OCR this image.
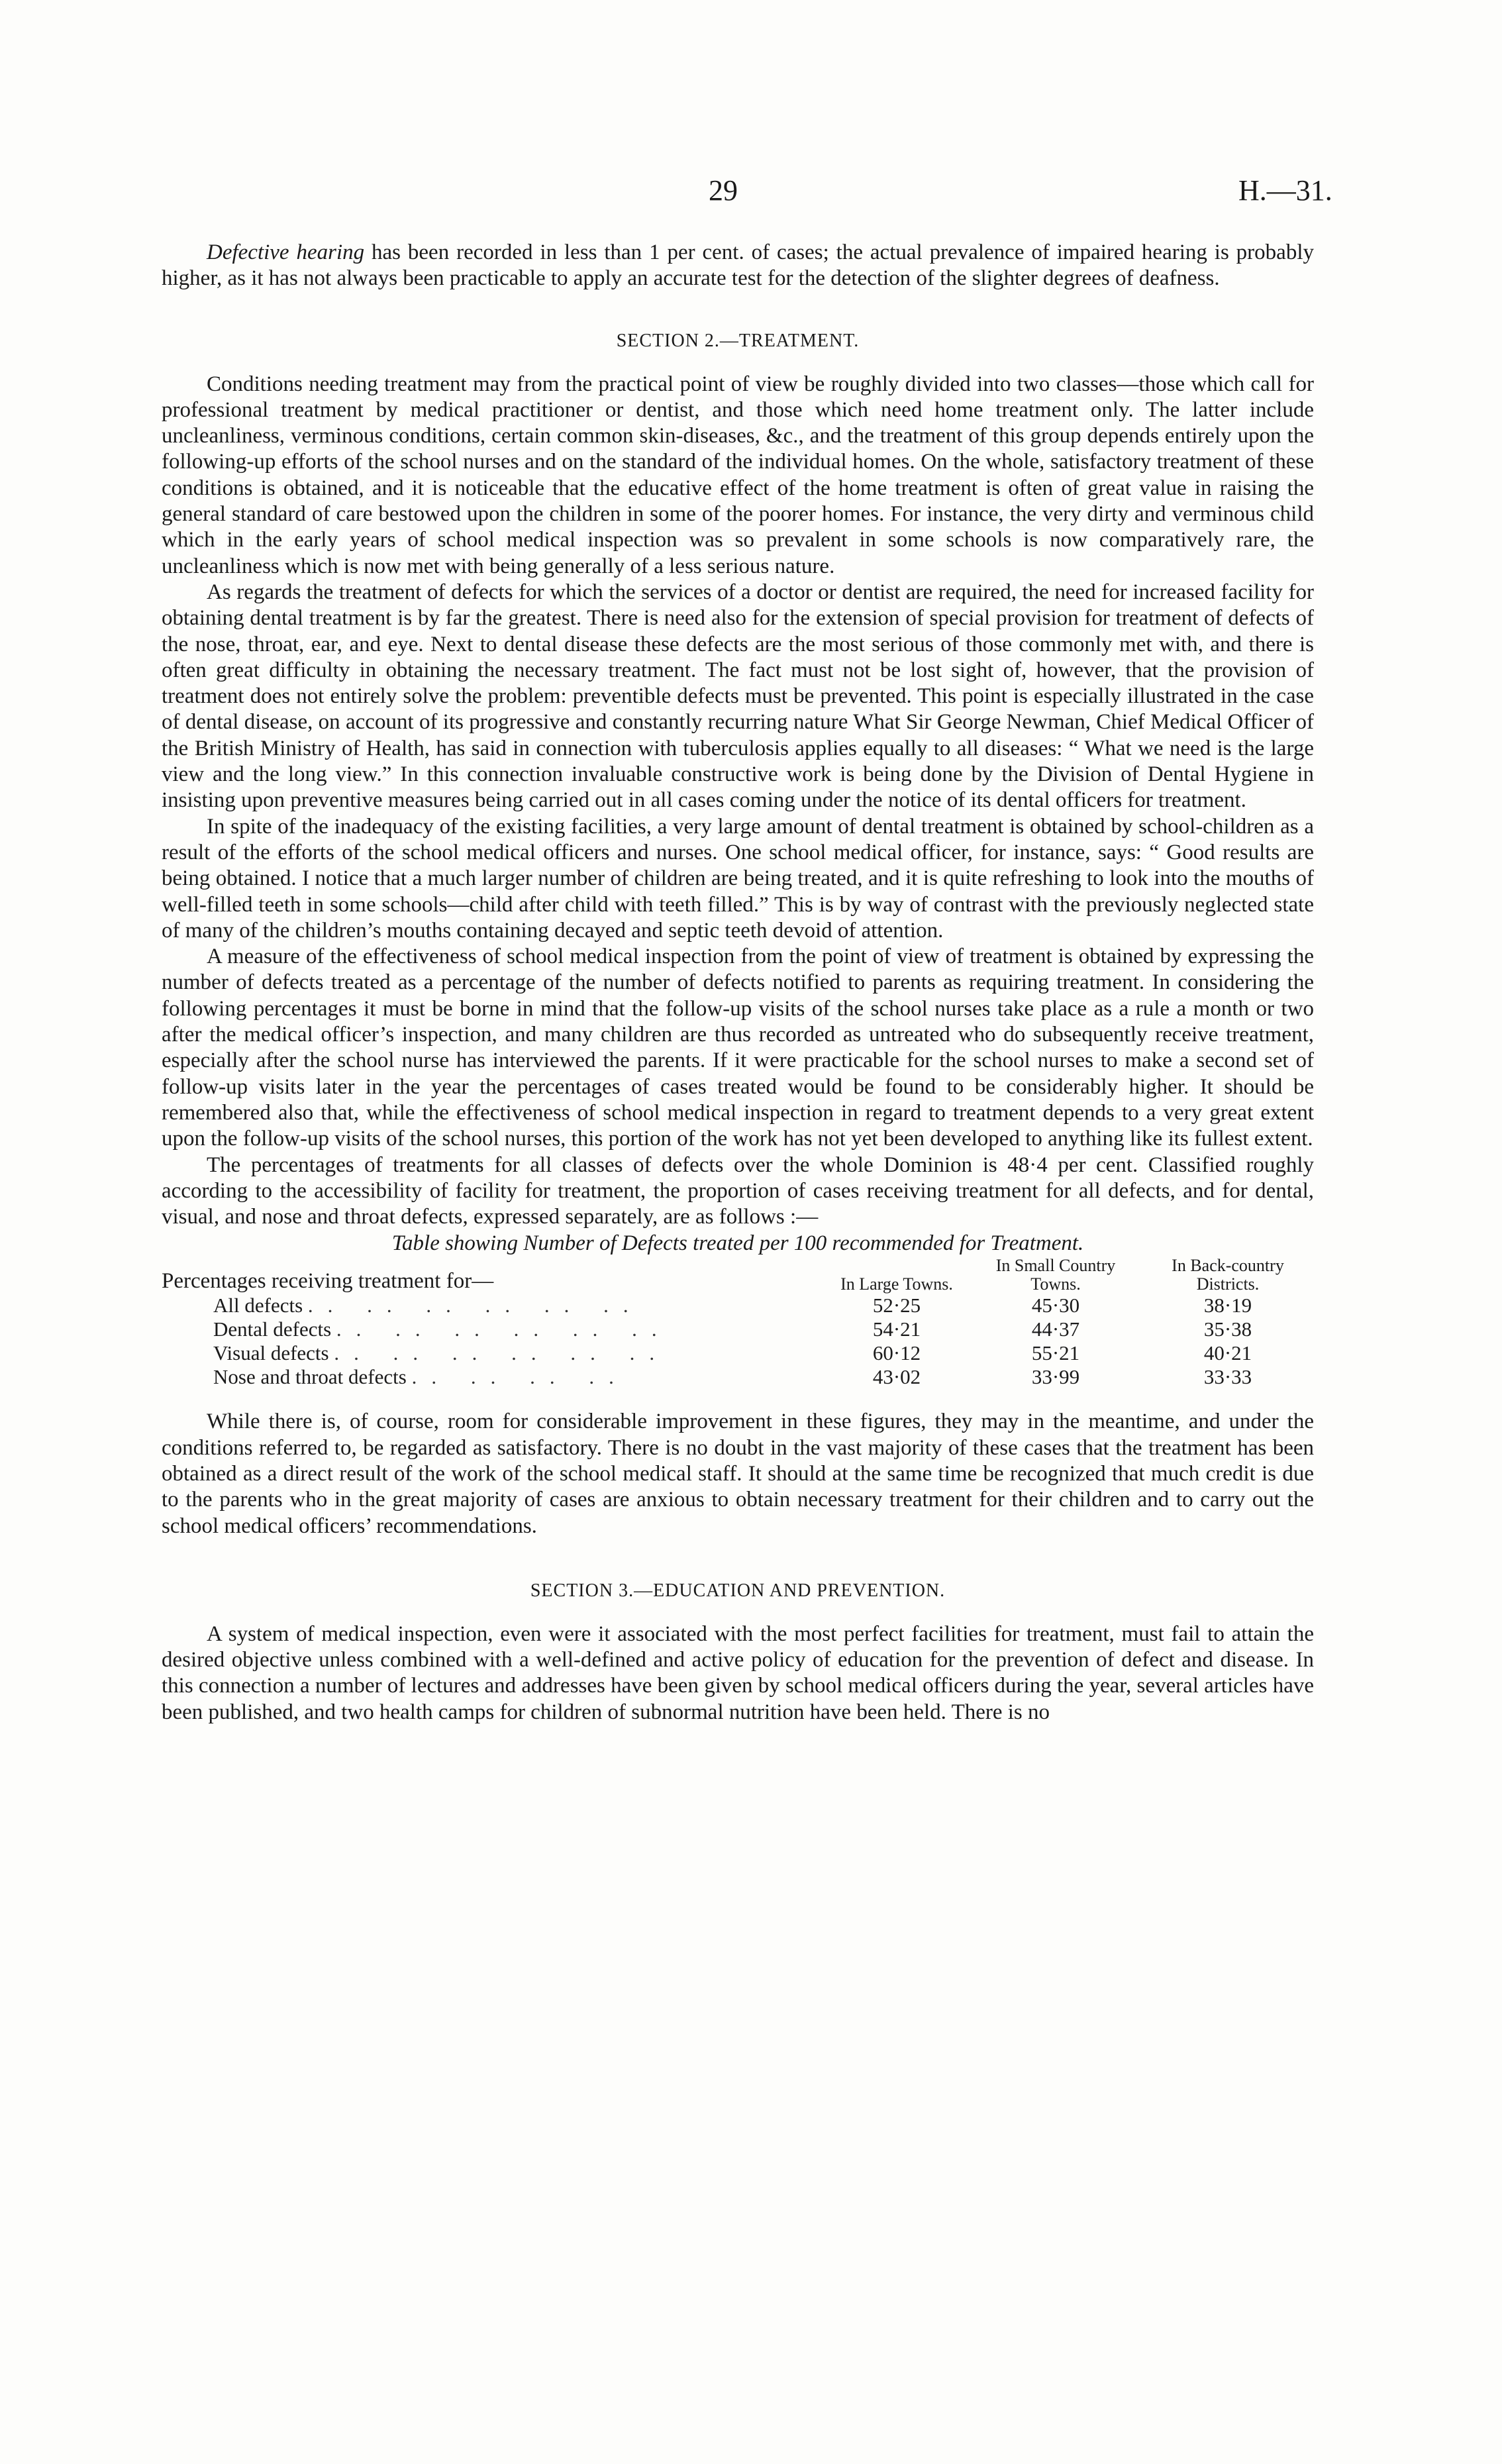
29	H.—31.

Defective hearing has been recorded in less than 1 per cent. of cases; the actual prevalence of impaired hearing is probably higher, as it has not always been practicable to apply an accurate test for the detection of the slighter degrees of deafness.

SECTION 2.—TREATMENT.

Conditions needing treatment may from the practical point of view be roughly divided into two classes—those which call for professional treatment by medical practitioner or dentist, and those which need home treatment only. The latter include uncleanliness, verminous conditions, certain common skin-diseases, &c., and the treatment of this group depends entirely upon the following-up efforts of the school nurses and on the standard of the individual homes. On the whole, satisfactory treatment of these conditions is obtained, and it is noticeable that the educative effect of the home treatment is often of great value in raising the general standard of care bestowed upon the children in some of the poorer homes. For instance, the very dirty and verminous child which in the early years of school medical inspection was so prevalent in some schools is now comparatively rare, the uncleanliness which is now met with being generally of a less serious nature.

As regards the treatment of defects for which the services of a doctor or dentist are required, the need for increased facility for obtaining dental treatment is by far the greatest. There is need also for the extension of special provision for treatment of defects of the nose, throat, ear, and eye. Next to dental disease these defects are the most serious of those commonly met with, and there is often great difficulty in obtaining the necessary treatment. The fact must not be lost sight of, however, that the provision of treatment does not entirely solve the problem: preventible defects must be prevented. This point is especially illustrated in the case of dental disease, on account of its progressive and constantly recurring nature What Sir George Newman, Chief Medical Officer of the British Ministry of Health, has said in connection with tuberculosis applies equally to all diseases: “ What we need is the large view and the long view.” In this connection invaluable constructive work is being done by the Division of Dental Hygiene in insisting upon preventive measures being carried out in all cases coming under the notice of its dental officers for treatment.

In spite of the inadequacy of the existing facilities, a very large amount of dental treatment is obtained by school-children as a result of the efforts of the school medical officers and nurses. One school medical officer, for instance, says: “ Good results are being obtained. I notice that a much larger number of children are being treated, and it is quite refreshing to look into the mouths of well-filled teeth in some schools—child after child with teeth filled.” This is by way of contrast with the previously neglected state of many of the children’s mouths containing decayed and septic teeth devoid of attention.

A measure of the effectiveness of school medical inspection from the point of view of treatment is obtained by expressing the number of defects treated as a percentage of the number of defects notified to parents as requiring treatment. In considering the following percentages it must be borne in mind that the follow-up visits of the school nurses take place as a rule a month or two after the medical officer’s inspection, and many children are thus recorded as untreated who do subsequently receive treatment, especially after the school nurse has interviewed the parents. If it were practicable for the school nurses to make a second set of follow-up visits later in the year the percentages of cases treated would be found to be considerably higher. It should be remembered also that, while the effectiveness of school medical inspection in regard to treatment depends to a very great extent upon the follow-up visits of the school nurses, this portion of the work has not yet been developed to anything like its fullest extent.

The percentages of treatments for all classes of defects over the whole Dominion is 48·4 per cent. Classified roughly according to the accessibility of facility for treatment, the proportion of cases receiving treatment for all defects, and for dental, visual, and nose and throat defects, expressed separately, are as follows :—

Table showing Number of Defects treated per 100 recommended for Treatment.
Percentages receiving treatment for—	In Large Towns.	In Small Country Towns.	In Back-country Districts.
All defects .. .. .. .. .. ..	52·25	45·30	38·19
Dental defects .. .. .. .. .. ..	54·21	44·37	35·38
Visual defects .. .. .. .. .. ..	60·12	55·21	40·21
Nose and throat defects .. .. .. ..	43·02	33·99	33·33

While there is, of course, room for considerable improvement in these figures, they may in the meantime, and under the conditions referred to, be regarded as satisfactory. There is no doubt in the vast majority of these cases that the treatment has been obtained as a direct result of the work of the school medical staff. It should at the same time be recognized that much credit is due to the parents who in the great majority of cases are anxious to obtain necessary treatment for their children and to carry out the school medical officers’ recommendations.

SECTION 3.—EDUCATION AND PREVENTION.

A system of medical inspection, even were it associated with the most perfect facilities for treatment, must fail to attain the desired objective unless combined with a well-defined and active policy of education for the prevention of defect and disease. In this connection a number of lectures and addresses have been given by school medical officers during the year, several articles have been published, and two health camps for children of subnormal nutrition have been held. There is no
